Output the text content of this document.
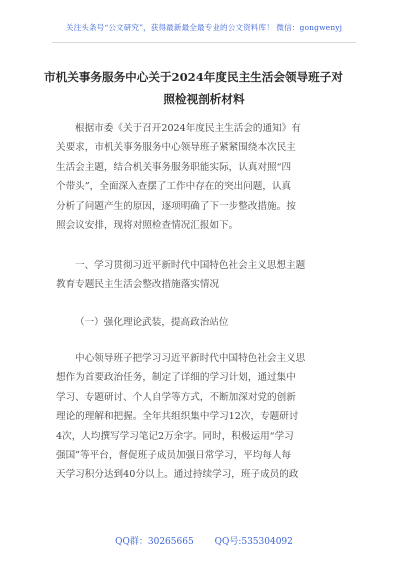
关注头条号“公文研究”，获得最新最全最专业的公文资料库！ 微信：gongwenyj
市机关事务服务中心关于2024年度民主生活会领导班子对
照检视剖析材料
根据市委《关于召开2024年度民主生活会的通知》有
关要求，市机关事务服务中心领导班子紧紧围绕本次民主
生活会主题，结合机关事务服务职能实际，认真对照“四
个带头”，全面深入查摆了工作中存在的突出问题，认真
分析了问题产生的原因，逐项明确了下一步整改措施。按
照会议安排，现将对照检查情况汇报如下。
一、学习贯彻习近平新时代中国特色社会主义思想主题
教育专题民主生活会整改措施落实情况
（一）强化理论武装，提高政治站位
中心领导班子把学习习近平新时代中国特色社会主义思
想作为首要政治任务，制定了详细的学习计划，通过集中
学习、专题研讨、个人自学等方式，不断加深对党的创新
理论的理解和把握。全年共组织集中学习12次，专题研讨
4次，人均撰写学习笔记2万余字。同时，积极运用“学习
强国”等平台，督促班子成员加强日常学习，平均每人每
天学习积分达到40分以上。通过持续学习，班子成员的政
QQ群：30265665 QQ号:535304092
